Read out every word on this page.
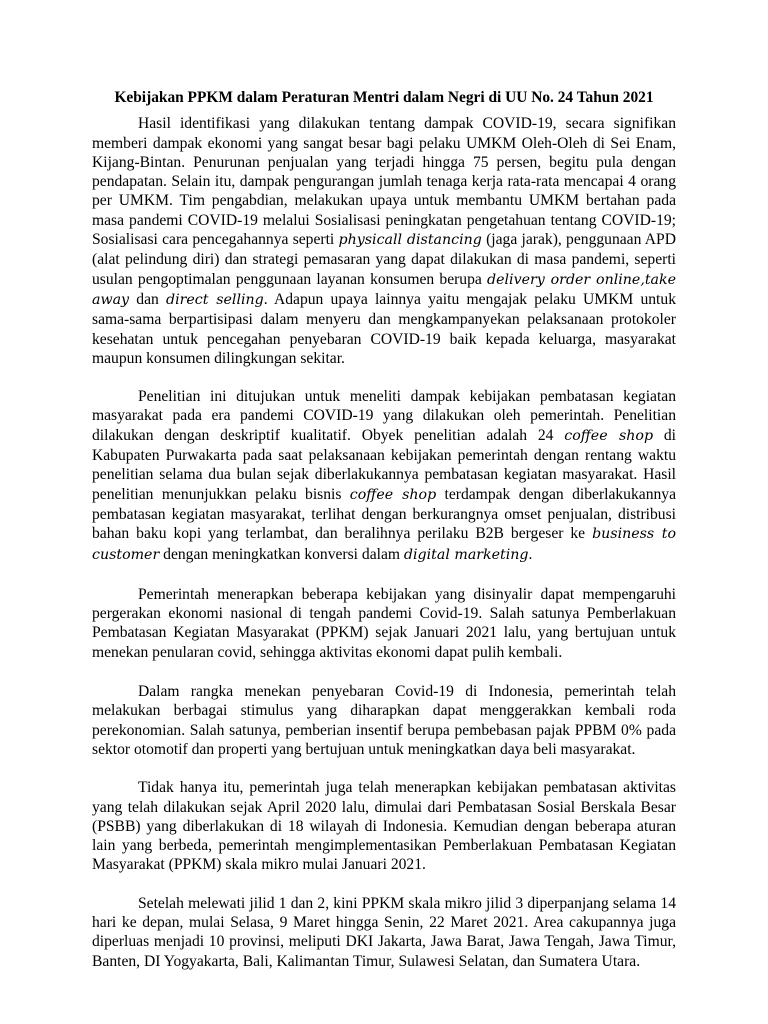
Kebijakan PPKM dalam Peraturan Mentri dalam Negri di UU No. 24 Tahun 2021

Hasil identifikasi yang dilakukan tentang dampak COVID-19, secara signifikan memberi dampak ekonomi yang sangat besar bagi pelaku UMKM Oleh-Oleh di Sei Enam, Kijang-Bintan. Penurunan penjualan yang terjadi hingga 75 persen, begitu pula dengan pendapatan. Selain itu, dampak pengurangan jumlah tenaga kerja rata-rata mencapai 4 orang per UMKM. Tim pengabdian, melakukan upaya untuk membantu UMKM bertahan pada masa pandemi COVID-19 melalui Sosialisasi peningkatan pengetahuan tentang COVID-19; Sosialisasi cara pencegahannya seperti physicall distancing (jaga jarak), penggunaan APD (alat pelindung diri) dan strategi pemasaran yang dapat dilakukan di masa pandemi, seperti usulan pengoptimalan penggunaan layanan konsumen berupa delivery order online,take away dan direct selling. Adapun upaya lainnya yaitu mengajak pelaku UMKM untuk sama-sama berpartisipasi dalam menyeru dan mengkampanyekan pelaksanaan protokoler kesehatan untuk pencegahan penyebaran COVID-19 baik kepada keluarga, masyarakat maupun konsumen dilingkungan sekitar.

Penelitian ini ditujukan untuk meneliti dampak kebijakan pembatasan kegiatan masyarakat pada era pandemi COVID-19 yang dilakukan oleh pemerintah. Penelitian dilakukan dengan deskriptif kualitatif. Obyek penelitian adalah 24 coffee shop di Kabupaten Purwakarta pada saat pelaksanaan kebijakan pemerintah dengan rentang waktu penelitian selama dua bulan sejak diberlakukannya pembatasan kegiatan masyarakat. Hasil penelitian menunjukkan pelaku bisnis coffee shop terdampak dengan diberlakukannya pembatasan kegiatan masyarakat, terlihat dengan berkurangnya omset penjualan, distribusi bahan baku kopi yang terlambat, dan beralihnya perilaku B2B bergeser ke business to customer dengan meningkatkan konversi dalam digital marketing.

Pemerintah menerapkan beberapa kebijakan yang disinyalir dapat mempengaruhi pergerakan ekonomi nasional di tengah pandemi Covid-19. Salah satunya Pemberlakuan Pembatasan Kegiatan Masyarakat (PPKM) sejak Januari 2021 lalu, yang bertujuan untuk menekan penularan covid, sehingga aktivitas ekonomi dapat pulih kembali.

Dalam rangka menekan penyebaran Covid-19 di Indonesia, pemerintah telah melakukan berbagai stimulus yang diharapkan dapat menggerakkan kembali roda perekonomian. Salah satunya, pemberian insentif berupa pembebasan pajak PPBM 0% pada sektor otomotif dan properti yang bertujuan untuk meningkatkan daya beli masyarakat.

Tidak hanya itu, pemerintah juga telah menerapkan kebijakan pembatasan aktivitas yang telah dilakukan sejak April 2020 lalu, dimulai dari Pembatasan Sosial Berskala Besar (PSBB) yang diberlakukan di 18 wilayah di Indonesia. Kemudian dengan beberapa aturan lain yang berbeda, pemerintah mengimplementasikan Pemberlakuan Pembatasan Kegiatan Masyarakat (PPKM) skala mikro mulai Januari 2021.

Setelah melewati jilid 1 dan 2, kini PPKM skala mikro jilid 3 diperpanjang selama 14 hari ke depan, mulai Selasa, 9 Maret hingga Senin, 22 Maret 2021. Area cakupannya juga diperluas menjadi 10 provinsi, meliputi DKI Jakarta, Jawa Barat, Jawa Tengah, Jawa Timur, Banten, DI Yogyakarta, Bali, Kalimantan Timur, Sulawesi Selatan, dan Sumatera Utara.
